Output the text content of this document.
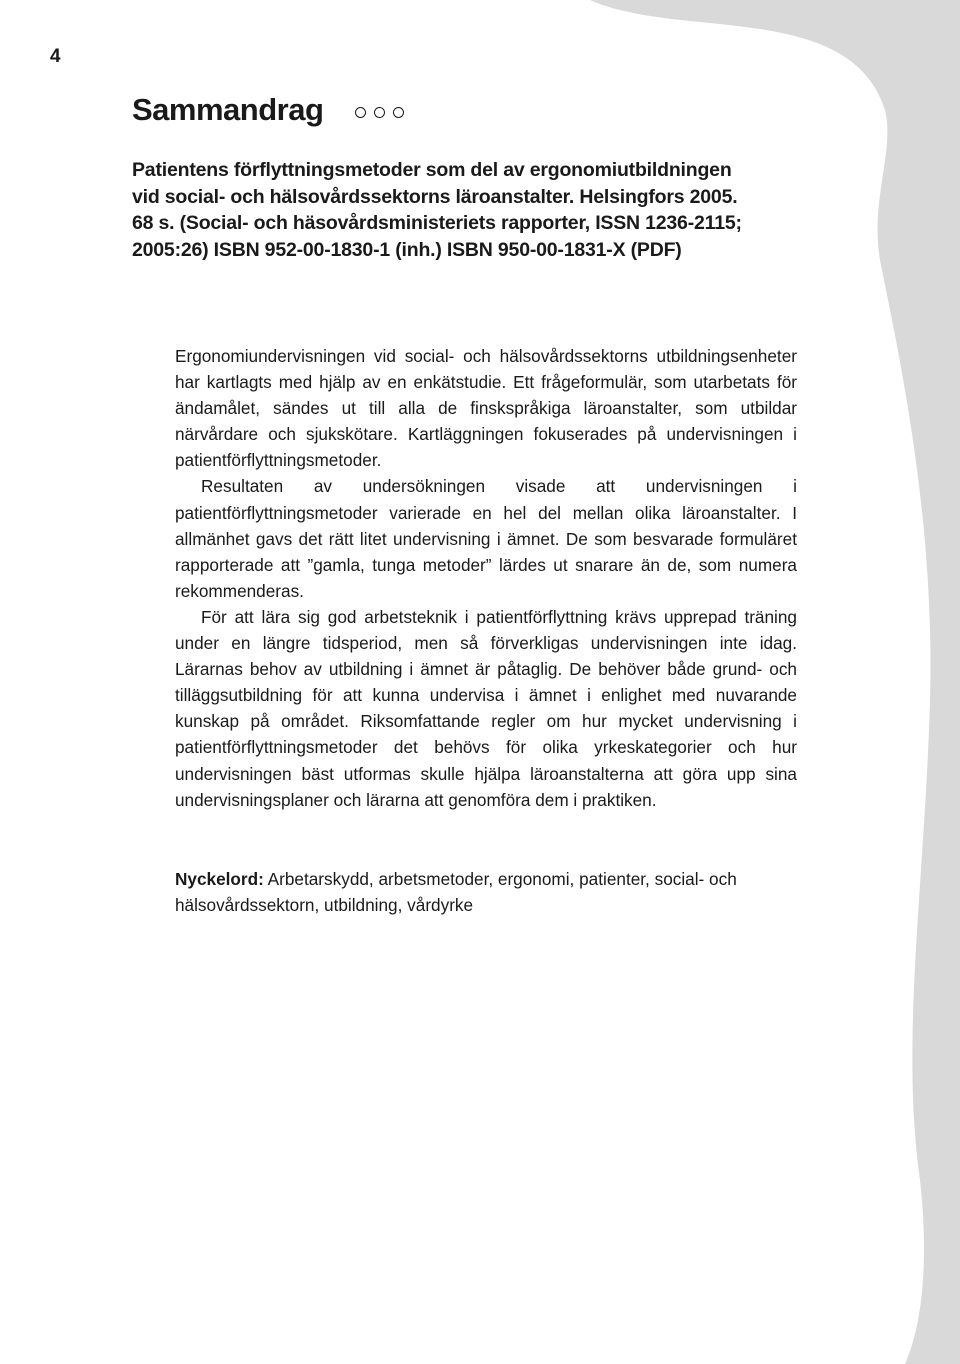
4
Sammandrag

Patientens förflyttningsmetoder som del av ergonomiutbildningen

vid social- och hälsovårdssektorns läroanstalter. Helsingfors 2005.

68 s. (Social- och häsovårdsministeriets rapporter, ISSN 1236-2115;

2005:26) ISBN 952-00-1830-1 (inh.) ISBN 950-00-1831-X (PDF)

Ergonomiundervisningen vid social- och hälsovårdssektorns utbildningsenheter har kartlagts med hjälp av en enkätstudie. Ett frågeformulär, som utarbetats för ändamålet, sändes ut till alla de finskspråkiga läroanstalter, som utbildar närvårdare och sjukskötare. Kartläggningen fokuserades på undervisningen i patientförflyttningsmetoder.

Resultaten av undersökningen visade att undervisningen i patientförflyttningsmetoder varierade en hel del mellan olika läroanstalter. I allmänhet gavs det rätt litet undervisning i ämnet. De som besvarade formuläret rapporterade att ”gamla, tunga metoder” lärdes ut snarare än de, som numera rekommenderas.

För att lära sig god arbetsteknik i patientförflyttning krävs upprepad träning under en längre tidsperiod, men så förverkligas undervisningen inte idag. Lärarnas behov av utbildning i ämnet är påtaglig. De behöver både grund- och tilläggsutbildning för att kunna undervisa i ämnet i enlighet med nuvarande kunskap på området. Riksomfattande regler om hur mycket undervisning i patientförflyttningsmetoder det behövs för olika yrkeskategorier och hur undervisningen bäst utformas skulle hjälpa läroanstalterna att göra upp sina undervisningsplaner och lärarna att genomföra dem i praktiken.

Nyckelord: Arbetarskydd, arbetsmetoder, ergonomi, patienter, social- och hälsovårdssektorn, utbildning, vårdyrke
